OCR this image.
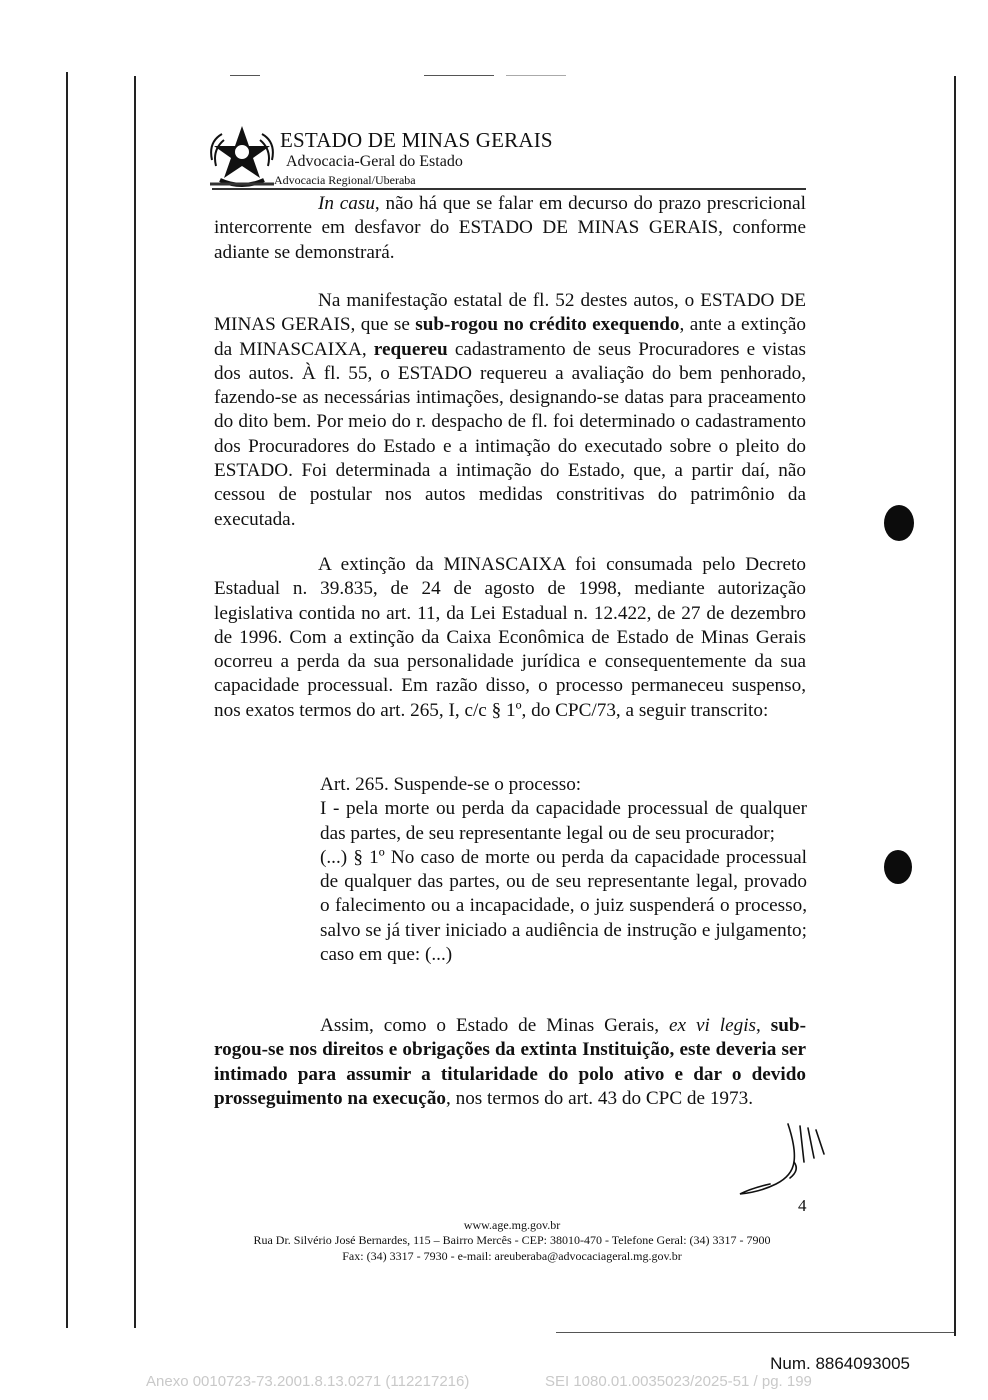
ESTADO DE MINAS GERAIS
Advocacia-Geral do Estado
Advocacia Regional/Uberaba

In casu, não há que se falar em decurso do prazo prescricional intercorrente em desfavor do ESTADO DE MINAS GERAIS, conforme adiante se demonstrará.

Na manifestação estatal de fl. 52 destes autos, o ESTADO DE MINAS GERAIS, que se sub-rogou no crédito exequendo, ante a extinção da MINASCAIXA, requereu cadastramento de seus Procuradores e vistas dos autos. À fl. 55, o ESTADO requereu a avaliação do bem penhorado, fazendo-se as necessárias intimações, designando-se datas para praceamento do dito bem. Por meio do r. despacho de fl. foi determinado o cadastramento dos Procuradores do Estado e a intimação do executado sobre o pleito do ESTADO. Foi determinada a intimação do Estado, que, a partir daí, não cessou de postular nos autos medidas constritivas do patrimônio da executada.

A extinção da MINASCAIXA foi consumada pelo Decreto Estadual n. 39.835, de 24 de agosto de 1998, mediante autorização legislativa contida no art. 11, da Lei Estadual n. 12.422, de 27 de dezembro de 1996. Com a extinção da Caixa Econômica de Estado de Minas Gerais ocorreu a perda da sua personalidade jurídica e consequentemente da sua capacidade processual. Em razão disso, o processo permaneceu suspenso, nos exatos termos do art. 265, I, c/c § 1º, do CPC/73, a seguir transcrito:

Art. 265. Suspende-se o processo:

I - pela morte ou perda da capacidade processual de qualquer das partes, de seu representante legal ou de seu procurador;

(...) § 1º No caso de morte ou perda da capacidade processual de qualquer das partes, ou de seu representante legal, provado o falecimento ou a incapacidade, o juiz suspenderá o processo, salvo se já tiver iniciado a audiência de instrução e julgamento; caso em que: (...)

Assim, como o Estado de Minas Gerais, ex vi legis, sub-rogou-se nos direitos e obrigações da extinta Instituição, este deveria ser intimado para assumir a titularidade do polo ativo e dar o devido prosseguimento na execução, nos termos do art. 43 do CPC de 1973.

4
www.age.mg.gov.br
Rua Dr. Silvério José Bernardes, 115 – Bairro Mercês - CEP: 38010-470 - Telefone Geral: (34) 3317 - 7900
Fax: (34) 3317 - 7930 - e-mail: areuberaba@advocaciageral.mg.gov.br
Num. 8864093005
Anexo 0010723-73.2001.8.13.0271 (112217216)	SEI 1080.01.0035023/2025-51 / pg. 199
